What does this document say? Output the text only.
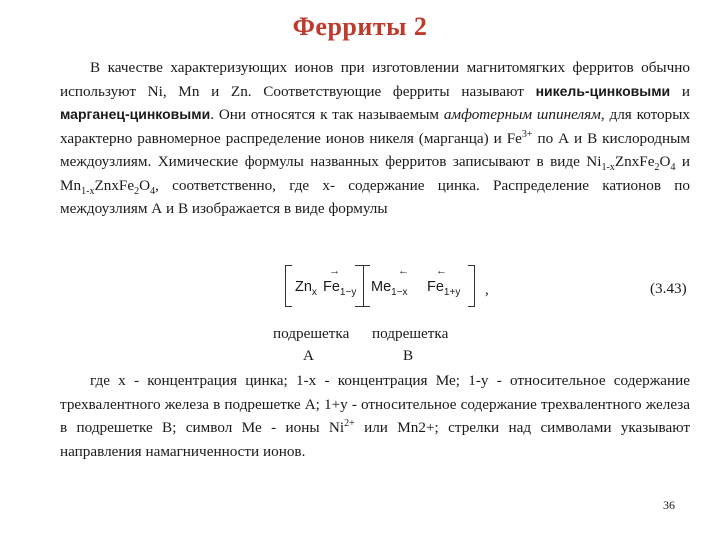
Ферриты 2

В качестве характеризующих ионов при изготовлении магнитомягких ферритов обычно используют Ni, Mn и Zn. Соответствующие ферриты называют никель-цинковыми и марганец-цинковыми. Они относятся к так называемым амфотерным шпинелям, для которых характерно равномерное распределение ионов никеля (марганца) и $Fe^{3+}$ по А и В кислородным междоузлиям. Химические формулы названных ферритов записывают в виде $Ni_{1-x}ZnxFe_2O_4$ и $Mn_{1-x}ZnxFe_2O_4$, соответственно, где x- содержание цинка. Распределение катионов по междоузлиям А и В изображается в виде формулы

$Zn_x$
→
$Fe_{1-y}$ $Me_{1-x}$
← ←
$Fe_{1+y}$ ,	(3.43)
подрешетка подрешетка
А	В

где х - концентрация цинка; 1-х - концентрация Ме; 1-у - относительное содержание трехвалентного железа в подрешетке А; 1+у - относительное содержание трехвалентного железа в подрешетке В; символ Ме - ионы $Ni^{2+}$ или Mn2+; стрелки над символами указывают направления намагниченности ионов.

36
